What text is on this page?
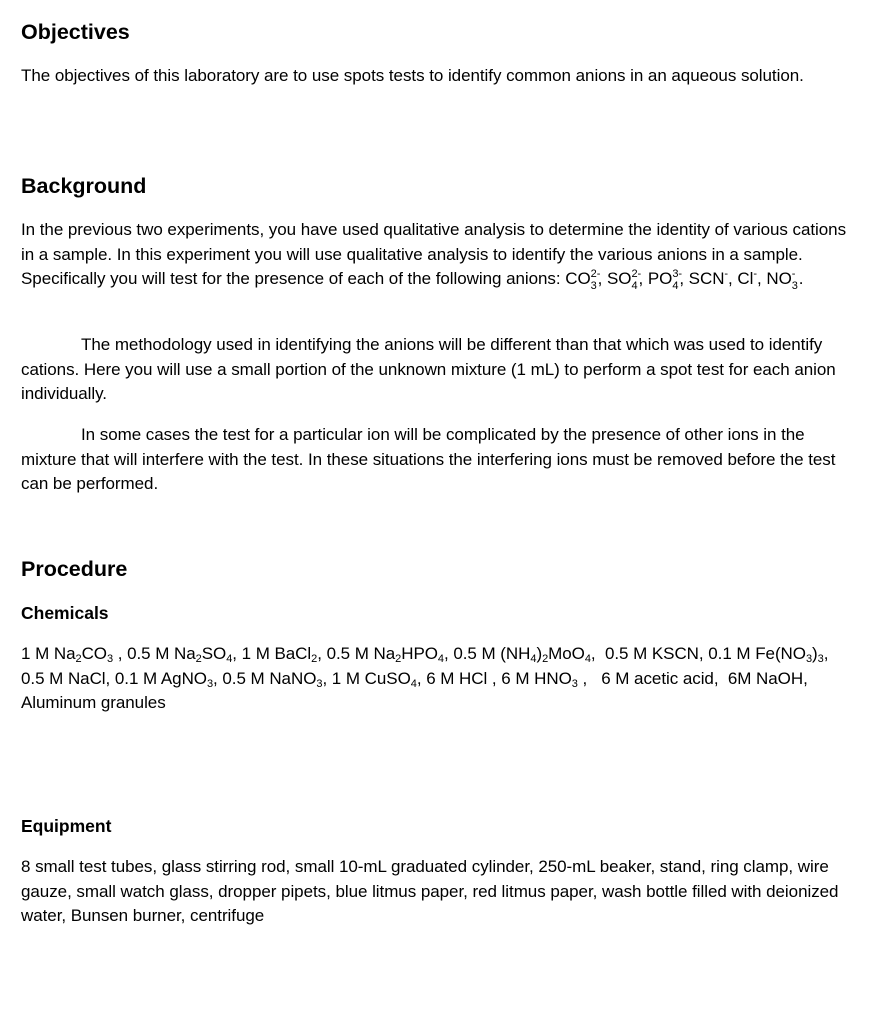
Objectives

The objectives of this laboratory are to use spots tests to identify common anions in an aqueous solution.

Background

In the previous two experiments, you have used qualitative analysis to determine the identity of various cations in a sample. In this experiment you will use qualitative analysis to identify the various anions in a sample. Specifically you will test for the presence of each of the following anions: CO 2-
3 , SO 2-
4 , PO 3-
4 , SCN-, Cl-, NO -
3 .

The methodology used in identifying the anions will be different than that which was used to identify cations. Here you will use a small portion of the unknown mixture (1 mL) to perform a spot test for each anion individually.

In some cases the test for a particular ion will be complicated by the presence of other ions in the mixture that will interfere with the test. In these situations the interfering ions must be removed before the test can be performed.

Procedure
Chemicals

1 M $Na_2CO_3$ , 0.5 M $Na_2SO_4$, 1 M BaCl$_2$, 0.5 M $Na_2HPO_4$, 0.5 M $(NH_4)_2MoO_4$,  0.5 M KSCN, 0.1 M $Fe(NO_3)_3$,  0.5 M NaCl, 0.1 M AgNO$_3$, 0.5 M NaNO$_3$, 1 M CuSO$_4$, 6 M HCl , 6 M $HNO_3$ ,   6 M acetic acid,  6M NaOH, Aluminum granules

Equipment

8 small test tubes, glass stirring rod, small 10-mL graduated cylinder, 250-mL beaker, stand, ring clamp, wire gauze, small watch glass, dropper pipets, blue litmus paper, red litmus paper, wash bottle filled with deionized water, Bunsen burner, centrifuge
